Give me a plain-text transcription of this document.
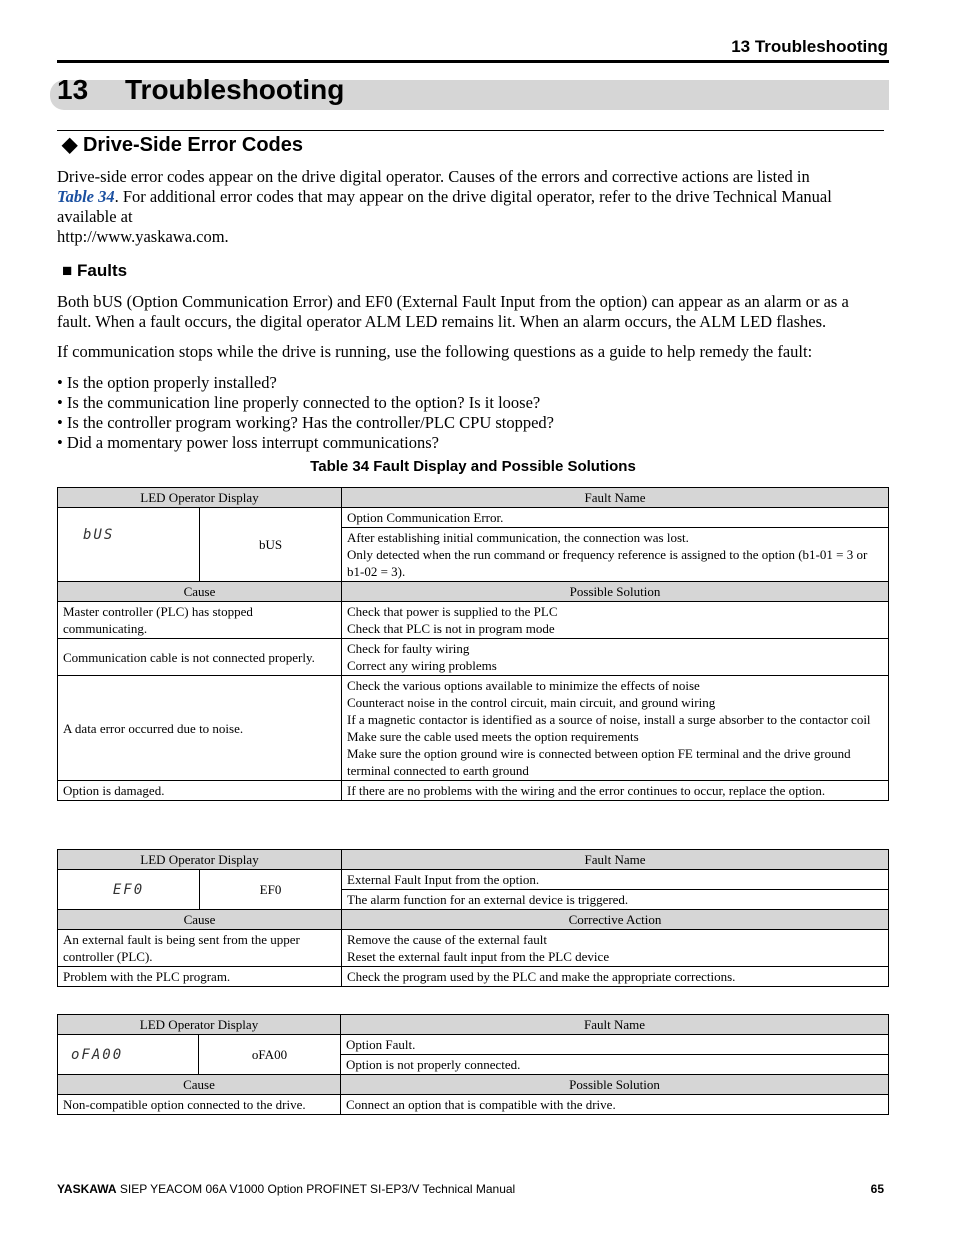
13 Troubleshooting
13 Troubleshooting
◆ Drive-Side Error Codes
Drive-side error codes appear on the drive digital operator. Causes of the errors and corrective actions are listed in
Table 34. For additional error codes that may appear on the drive digital operator, refer to the drive Technical Manual available at
http://www.yaskawa.com.
■ Faults
Both bUS (Option Communication Error) and EF0 (External Fault Input from the option) can appear as an alarm or as a fault. When a fault occurs, the digital operator ALM LED remains lit. When an alarm occurs, the ALM LED flashes.
If communication stops while the drive is running, use the following questions as a guide to help remedy the fault:
• Is the option properly installed?
• Is the communication line properly connected to the option? Is it loose?
• Is the controller program working? Has the controller/PLC CPU stopped?
• Did a momentary power loss interrupt communications?
Table 34 Fault Display and Possible Solutions
LED Operator Display		Fault Name
bUS	bUS	Option Communication Error.

		After establishing initial communication, the connection was lost.
Only detected when the run command or frequency reference is assigned to the option (b1-01 = 3 or b1-02 = 3).

Cause		Possible Solution
Master controller (PLC) has stopped communicating.		Check that power is supplied to the PLC
Check that PLC is not in program mode

Communication cable is not connected properly.		Check for faulty wiring
Correct any wiring problems

A data error occurred due to noise.		Check the various options available to minimize the effects of noise
Counteract noise in the control circuit, main circuit, and ground wiring
If a magnetic contactor is identified as a source of noise, install a surge absorber to the contactor coil
Make sure the cable used meets the option requirements
Make sure the option ground wire is connected between option FE terminal and the drive ground terminal connected to earth ground

Option is damaged.		If there are no problems with the wiring and the error continues to occur, replace the option.
LED Operator Display		Fault Name
EF0	EF0	External Fault Input from the option.
		The alarm function for an external device is triggered.
Cause		Corrective Action
An external fault is being sent from the upper controller (PLC).		Remove the cause of the external fault
Reset the external fault input from the PLC device

Problem with the PLC program.		Check the program used by the PLC and make the appropriate corrections.
LED Operator Display		Fault Name
oFA00	oFA00	Option Fault.
		Option is not properly connected.
Cause		Possible Solution
Non-compatible option connected to the drive.		Connect an option that is compatible with the drive.
YASKAWA SIEP YEACOM 06A V1000 Option PROFINET SI-EP3/V Technical Manual	65
